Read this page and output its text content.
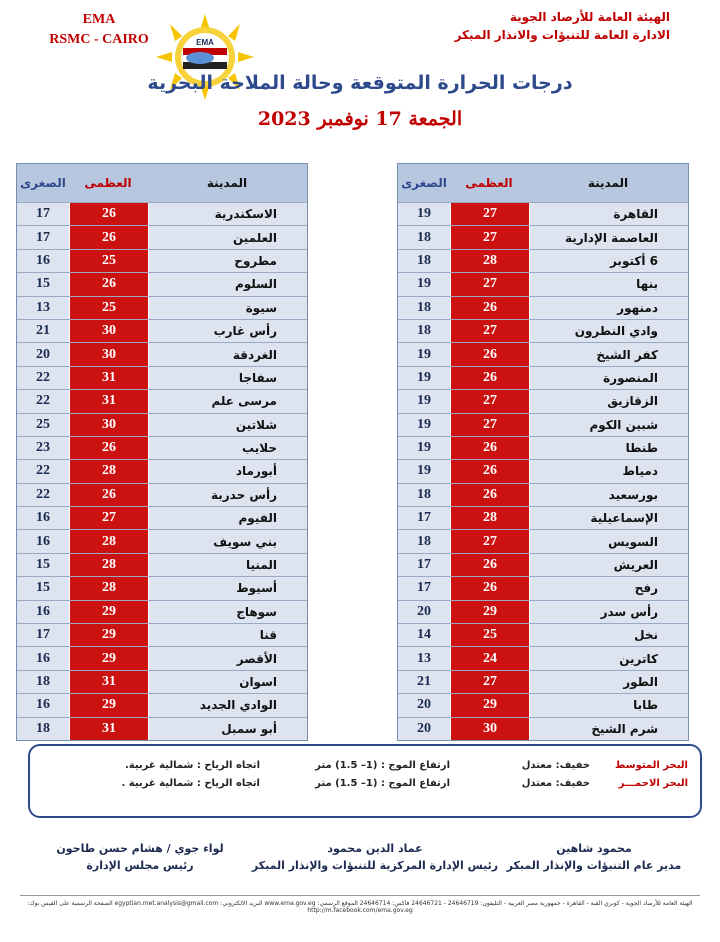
EMA
RSMC - CAIRO	EMA
الهيئة العامة للأرصاد الجوية
الادارة العامة للتنبؤات والانذار المبكر
درجات الحرارة المتوقعة وحالة الملاحة البحرية
الجمعة 17 نوفمبر 2023
الصغرى	العظمى	المدينة
17	26	الاسكندرية
17	26	العلمين
16	25	مطروح
15	26	السلوم
13	25	سيوة
21	30	رأس غارب
20	30	الغردقة
22	31	سفاجا
22	31	مرسى علم
25	30	شلاتين
23	26	حلايب
22	28	أبورماد
22	26	رأس حدربة
16	27	الفيوم
16	28	بني سويف
15	28	المنيا
15	28	أسيوط
16	29	سوهاج
17	29	قنا
16	29	الأقصر
18	31	اسوان
16	29	الوادي الجديد
18	31	أبو سمبل
الصغرى	العظمى	المدينة
19	27	القاهرة
18	27	العاصمة الإدارية
18	28	6 أكتوبر
19	27	بنها
18	26	دمنهور
18	27	وادي النطرون
19	26	كفر الشيخ
19	26	المنصورة
19	27	الزقازيق
19	27	شبين الكوم
19	26	طنطا
19	26	دمياط
18	26	بورسعيد
17	28	الإسماعيلية
18	27	السويس
17	26	العريش
17	26	رفح
20	29	رأس سدر
14	25	نخل
13	24	كاترين
21	27	الطور
20	29	طابا
20	30	شرم الشيخ
البحر المتوسط
خفيف: معتدل
ارتفاع الموج : (1– 1.5) متر
اتجاه الرياح : شمالية غربية.
البحر الاحمـــر
خفيف: معتدل
ارتفاع الموج : (1– 1.5) متر
اتجاه الرياح : شمالية غربية .
محمود شاهين
مدير عام التنبؤات والإنذار المبكر
عماد الدين محمود
رئيس الإدارة المركزية للتنبؤات والإنذار المبكر
لواء جوي / هشام حسن طاحون
رئيس مجلس الإدارة
الهيئة العامة للأرصاد الجوية - كوبري القبة - القاهرة - جمهورية مصر العربية - التليفون: 24646719 - 24646721 فاكس: 24646714 الموقع الرسمي: www.ema.gov.eg البريد الالكتروني: egyptian.met.analysis@gmail.com الصفحة الرسمية على الفيس بوك: http://m.facebook.com/ema.gov.eg
